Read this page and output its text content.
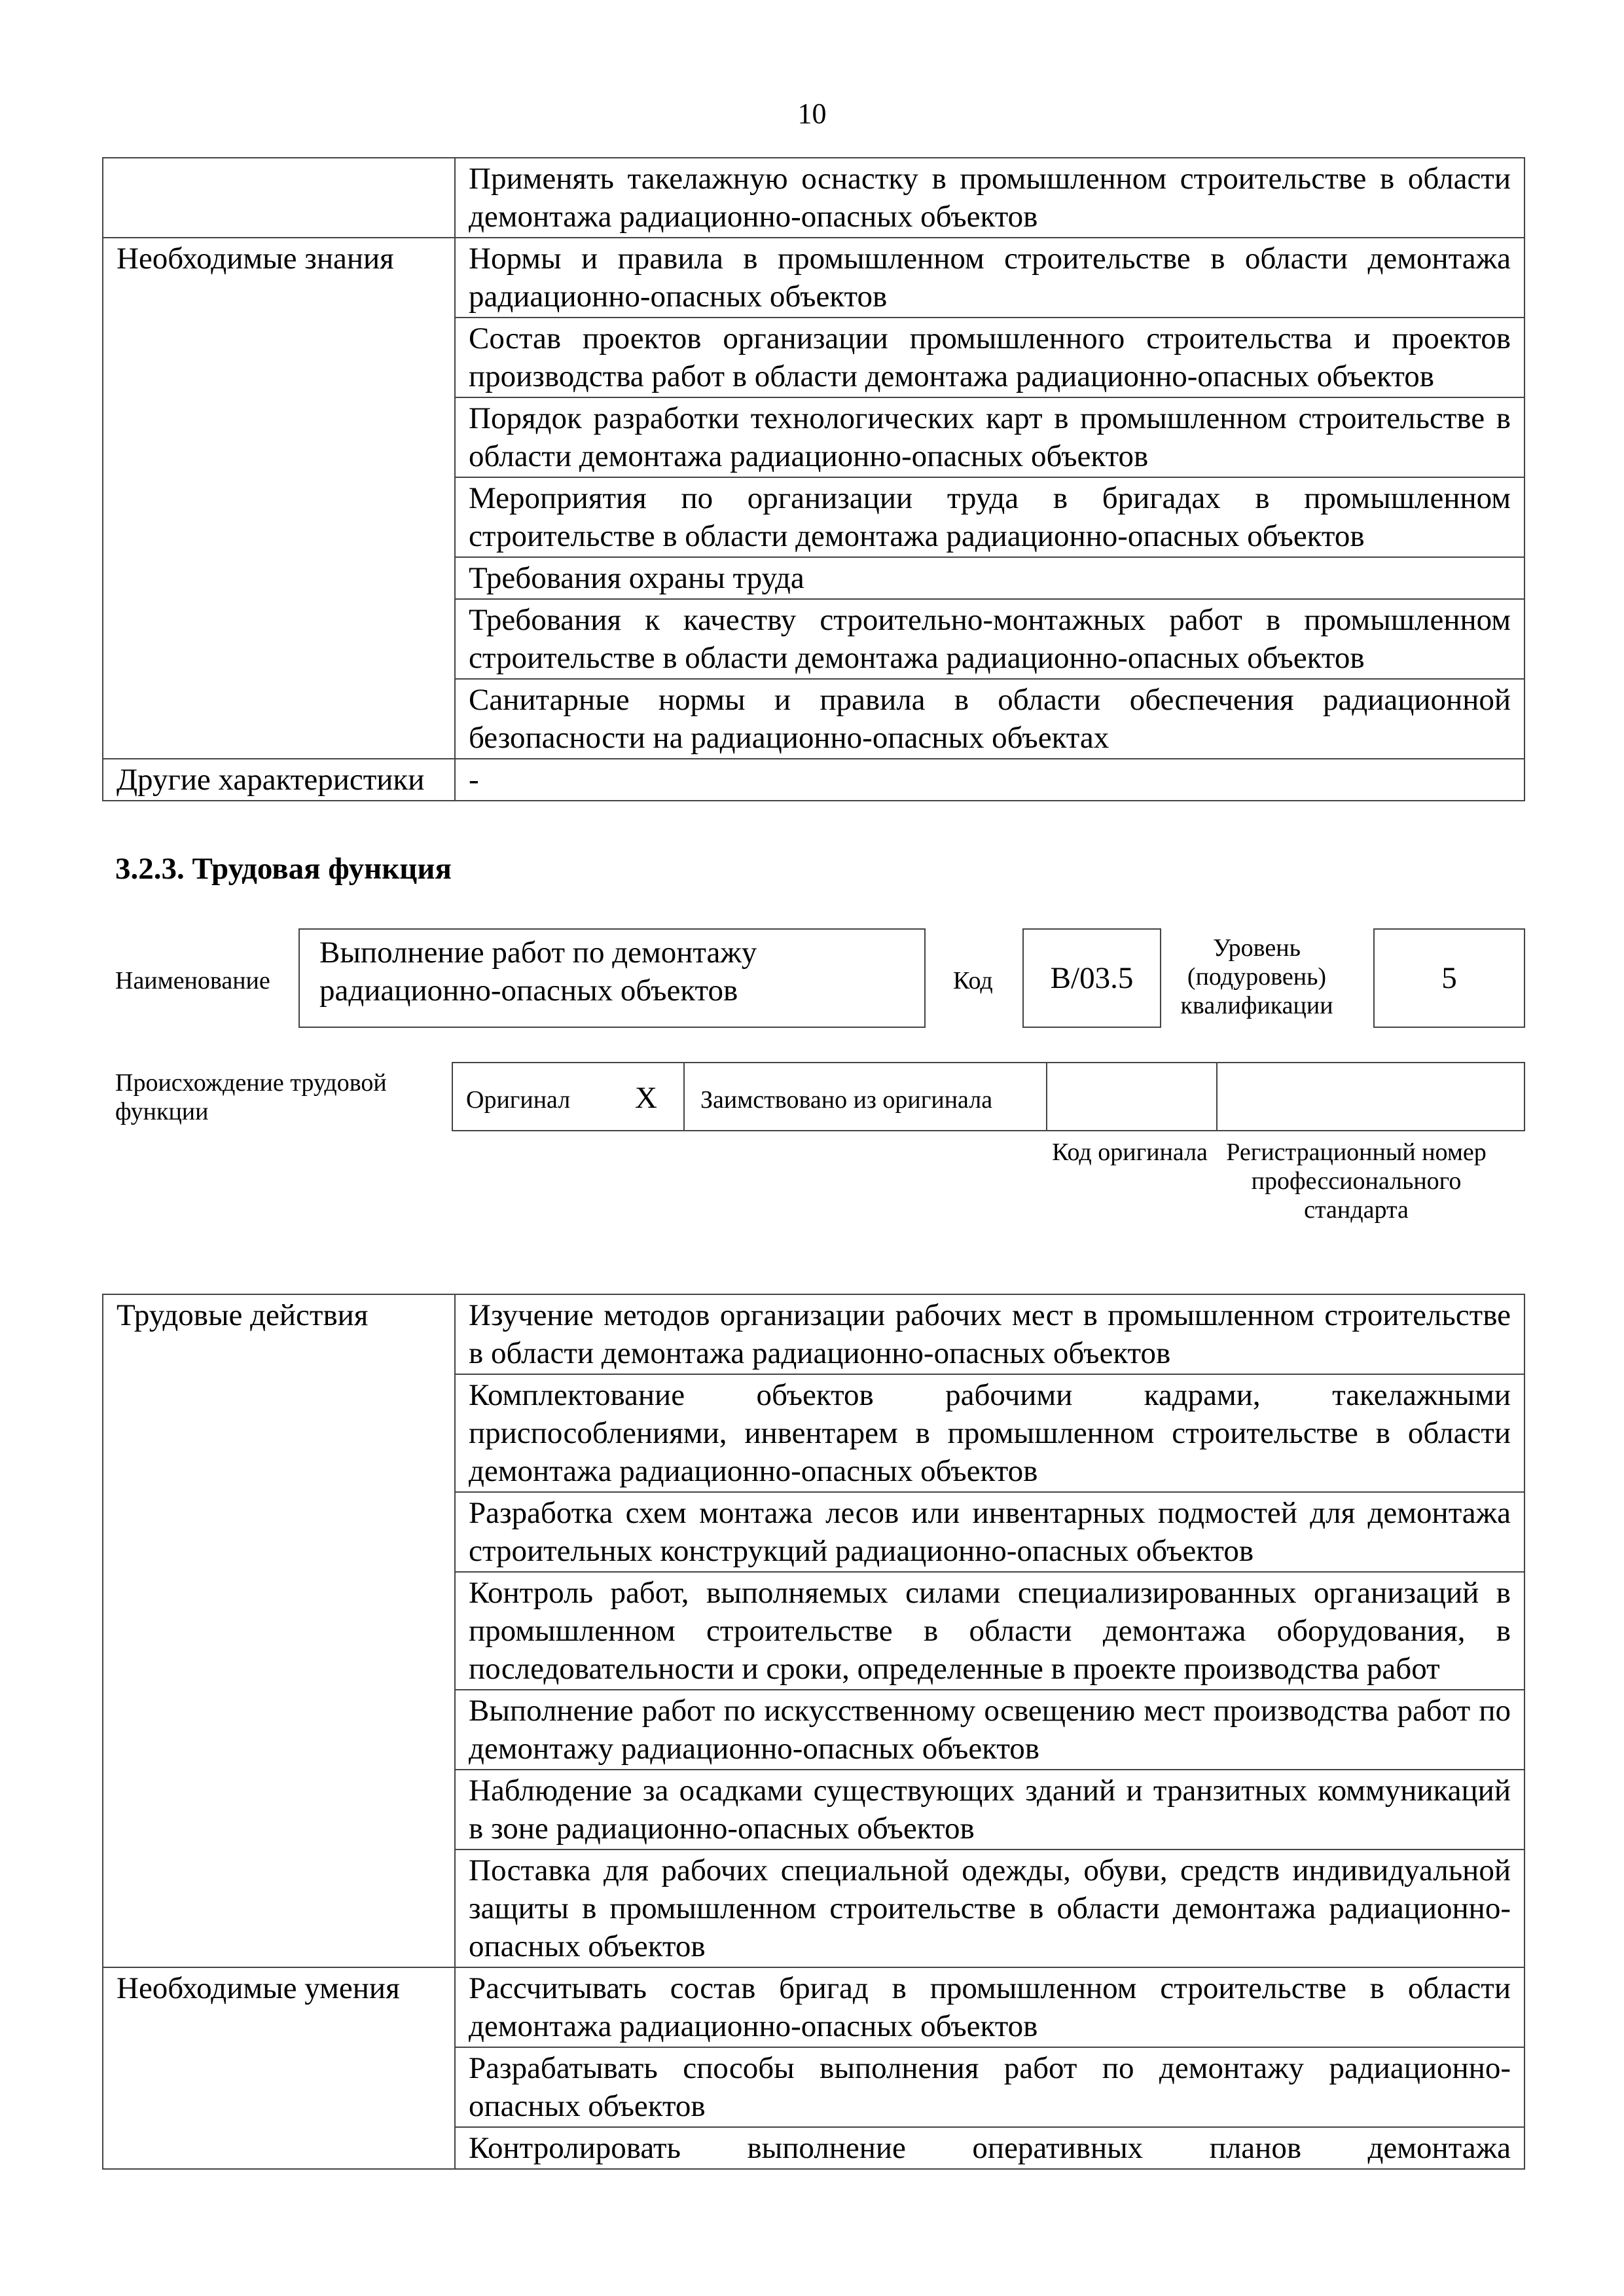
10
	Применять такелажную оснастку в промышленном строительстве в области демонтажа радиационно-опасных объектов
Необходимые знания	Нормы и правила в промышленном строительстве в области демонтажа радиационно-опасных объектов
	Состав проектов организации промышленного строительства и проектов производства работ в области демонтажа радиационно-опасных объектов
	Порядок разработки технологических карт в промышленном строительстве в области демонтажа радиационно-опасных объектов
	Мероприятия по организации труда в бригадах в промышленном строительстве в области демонтажа радиационно-опасных объектов
	Требования охраны труда
	Требования к качеству строительно-монтажных работ в промышленном строительстве в области демонтажа радиационно-опасных объектов
	Санитарные нормы и правила в области обеспечения радиационной безопасности на радиационно-опасных объектах
Другие характеристики	-
3.2.3. Трудовая функция
Наименование
Выполнение работ по демонтажу радиационно-опасных объектов	Код	B/03.5
Уровень (подуровень) квалификации
5
Происхождение трудовой функции	Оригинал X Заимствовано из оригинала
Код оригинала Регистрационный номер профессионального стандарта
Трудовые действия	Изучение методов организации рабочих мест в промышленном строительстве в области демонтажа радиационно-опасных объектов
	Комплектование объектов рабочими кадрами, такелажными приспособлениями, инвентарем в промышленном строительстве в области демонтажа радиационно-опасных объектов
	Разработка схем монтажа лесов или инвентарных подмостей для демонтажа строительных конструкций радиационно-опасных объектов
	Контроль работ, выполняемых силами специализированных организаций в промышленном строительстве в области демонтажа оборудования, в последовательности и сроки, определенные в проекте производства работ
	Выполнение работ по искусственному освещению мест производства работ по демонтажу радиационно-опасных объектов
	Наблюдение за осадками существующих зданий и транзитных коммуникаций в зоне радиационно-опасных объектов
	Поставка для рабочих специальной одежды, обуви, средств индивидуальной защиты в промышленном строительстве в области демонтажа радиационно-опасных объектов
Необходимые умения	Рассчитывать состав бригад в промышленном строительстве в области демонтажа радиационно-опасных объектов
	Разрабатывать способы выполнения работ по демонтажу радиационно-опасных объектов
	Контролировать выполнение оперативных планов демонтажа
